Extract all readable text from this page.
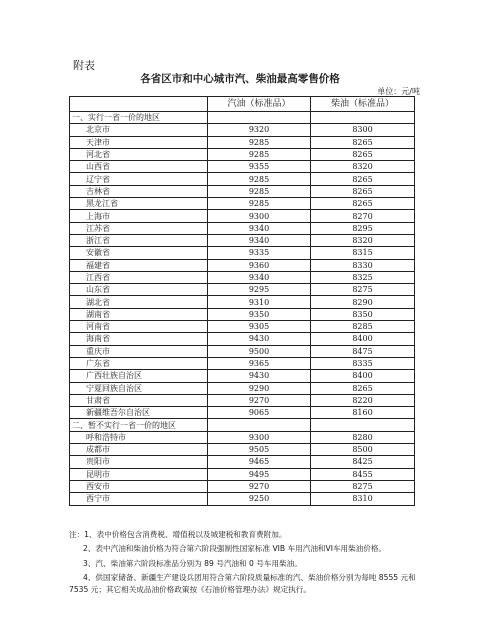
附表
各省区市和中心城市汽、柴油最高零售价格
单位：元/吨
	汽油（标准品）	柴油（标准品）
一、实行一省一价的地区		
北京市	9320	8300
天津市	9285	8265
河北省	9285	8265
山西省	9355	8320
辽宁省	9285	8265
吉林省	9285	8265
黑龙江省	9285	8265
上海市	9300	8270
江苏省	9340	8295
浙江省	9340	8320
安徽省	9335	8315
福建省	9360	8330
江西省	9340	8325
山东省	9295	8275
湖北省	9310	8290
湖南省	9350	8350
河南省	9305	8285
海南省	9430	8400
重庆市	9500	8475
广东省	9365	8335
广西壮族自治区	9430	8400
宁夏回族自治区	9290	8265
甘肃省	9270	8220
新疆维吾尔自治区	9065	8160
二、暂不实行一省一价的地区		
呼和浩特市	9300	8280
成都市	9505	8500
贵阳市	9465	8425
昆明市	9495	8455
西安市	9270	8275
西宁市	9250	8310

注：1、表中价格包含消费税、增值税以及城建税和教育费附加。

2、表中汽油和柴油价格为符合第六阶段强制性国家标准 VIB 车用汽油和VI车用柴油价格。

3、汽、柴油第六阶段标准品分别为 89 号汽油和 0 号车用柴油。

4、供国家储备、新疆生产建设兵团用符合第六阶段质量标准的汽、柴油价格分别为每吨 8555 元和 7535 元；其它相关成品油价格政策按《石油价格管理办法》规定执行。
